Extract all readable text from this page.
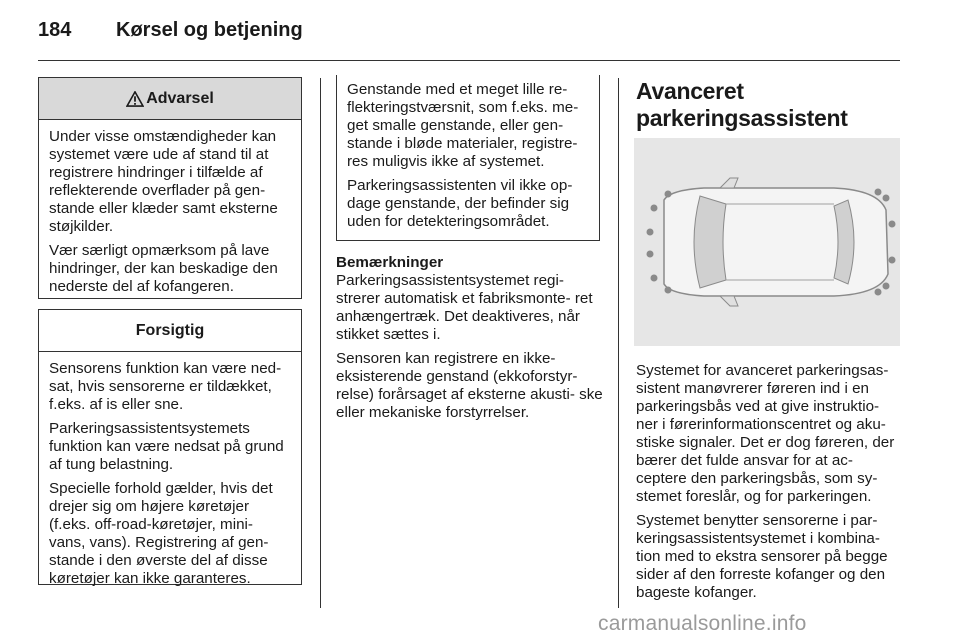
184	Kørsel og betjening
Advarsel

Under visse omstændigheder kan systemet være ude af stand til at registrere hindringer i tilfælde af reflekterende overflader på gen- stande eller klæder samt eksterne støjkilder.

Vær særligt opmærksom på lave hindringer, der kan beskadige den nederste del af kofangeren.

Forsigtig

Sensorens funktion kan være ned- sat, hvis sensorerne er tildækket, f.eks. af is eller sne.

Parkeringsassistentsystemets funktion kan være nedsat på grund af tung belastning.

Specielle forhold gælder, hvis det drejer sig om højere køretøjer (f.eks. off-road-køretøjer, mini- vans, vans). Registrering af gen- stande i den øverste del af disse køretøjer kan ikke garanteres.

Genstande med et meget lille re- flekteringstværsnit, som f.eks. me- get smalle genstande, eller gen- stande i bløde materialer, registre- res muligvis ikke af systemet.

Parkeringsassistenten vil ikke op- dage genstande, der befinder sig uden for detekteringsområdet.

Bemærkninger

Parkeringsassistentsystemet regi- strerer automatisk et fabriksmonte- ret anhængertræk. Det deaktiveres, når stikket sættes i.

Sensoren kan registrere en ikke- eksisterende genstand (ekkoforstyr- relse) forårsaget af eksterne akusti- ske eller mekaniske forstyrrelser.

Avanceret
parkeringsassistent

Systemet for avanceret parkeringsas- sistent manøvrerer føreren ind i en parkeringsbås ved at give instruktio- ner i førerinformationscentret og aku- stiske signaler. Det er dog føreren, der bærer det fulde ansvar for at ac- ceptere den parkeringsbås, som sy- stemet foreslår, og for parkeringen.

Systemet benytter sensorerne i par- keringsassistentsystemet i kombina- tion med to ekstra sensorer på begge sider af den forreste kofanger og den bageste kofanger.

carmanualsonline.info
